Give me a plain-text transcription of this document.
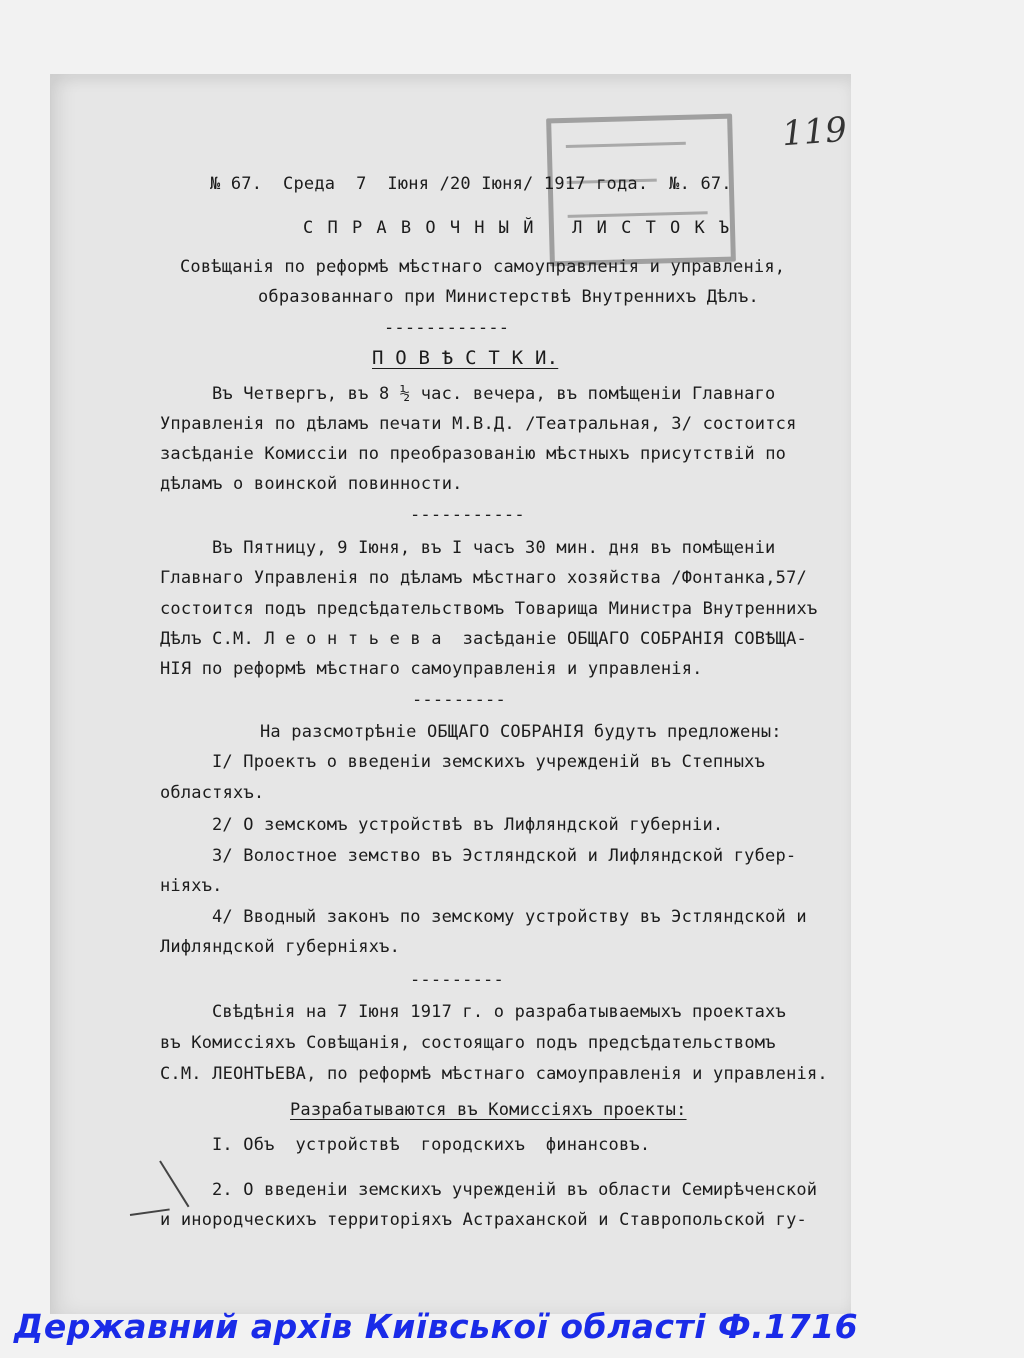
119
№ 67.  Среда  7  Іюня /20 Іюня/ 1917 года.  №. 67.
С П Р А В О Ч Н Ы Й   Л И С Т О К Ъ
Совѣщанія по реформѣ мѣстнаго самоуправленія и управленія,
образованнаго при Министерствѣ Внутреннихъ Дѣлъ.
------------
П О В Ѣ С Т К И.
Въ Четвергъ, въ 8 ½ час. вечера, въ помѣщеніи Главнаго
Управленія по дѣламъ печати М.В.Д. /Театральная, 3/ состоится
засѣданіе Комиссіи по преобразованію мѣстныхъ присутствій по
дѣламъ о воинской повинности.
-----------
Въ Пятницу, 9 Іюня, въ І часъ 30 мин. дня въ помѣщеніи
Главнаго Управленія по дѣламъ мѣстнаго хозяйства /Фонтанка,57/
состоится подъ предсѣдательствомъ Товарища Министра Внутреннихъ
Дѣлъ С.М. Л е о н т ь е в а  засѣданіе ОБЩАГО СОБРАНІЯ СОВѢЩА-
НІЯ по реформѣ мѣстнаго самоуправленія и управленія.
---------
На разсмотрѣніе ОБЩАГО СОБРАНІЯ будутъ предложены:
І/ Проектъ о введеніи земскихъ учрежденій въ Степныхъ
областяхъ.
2/ О земскомъ устройствѣ въ Лифляндской губерніи.
3/ Волостное земство въ Эстляндской и Лифляндской губер-
ніяхъ.
4/ Вводный законъ по земскому устройству въ Эстляндской и
Лифляндской губерніяхъ.
---------
Свѣдѣнія на 7 Іюня 1917 г. о разрабатываемыхъ проектахъ
въ Комиссіяхъ Совѣщанія, состоящаго подъ предсѣдательствомъ
С.М. ЛЕОНТЬЕВА, по реформѣ мѣстнаго самоуправленія и управленія.
Разрабатываются въ Комиссіяхъ проекты:
І. Объ  устройствѣ  городскихъ  финансовъ.
2. О введеніи земскихъ учрежденій въ области Семирѣченской
и инородческихъ территоріяхъ Астраханской и Ставропольской гу-
Державний архів Київської області Ф.1716
